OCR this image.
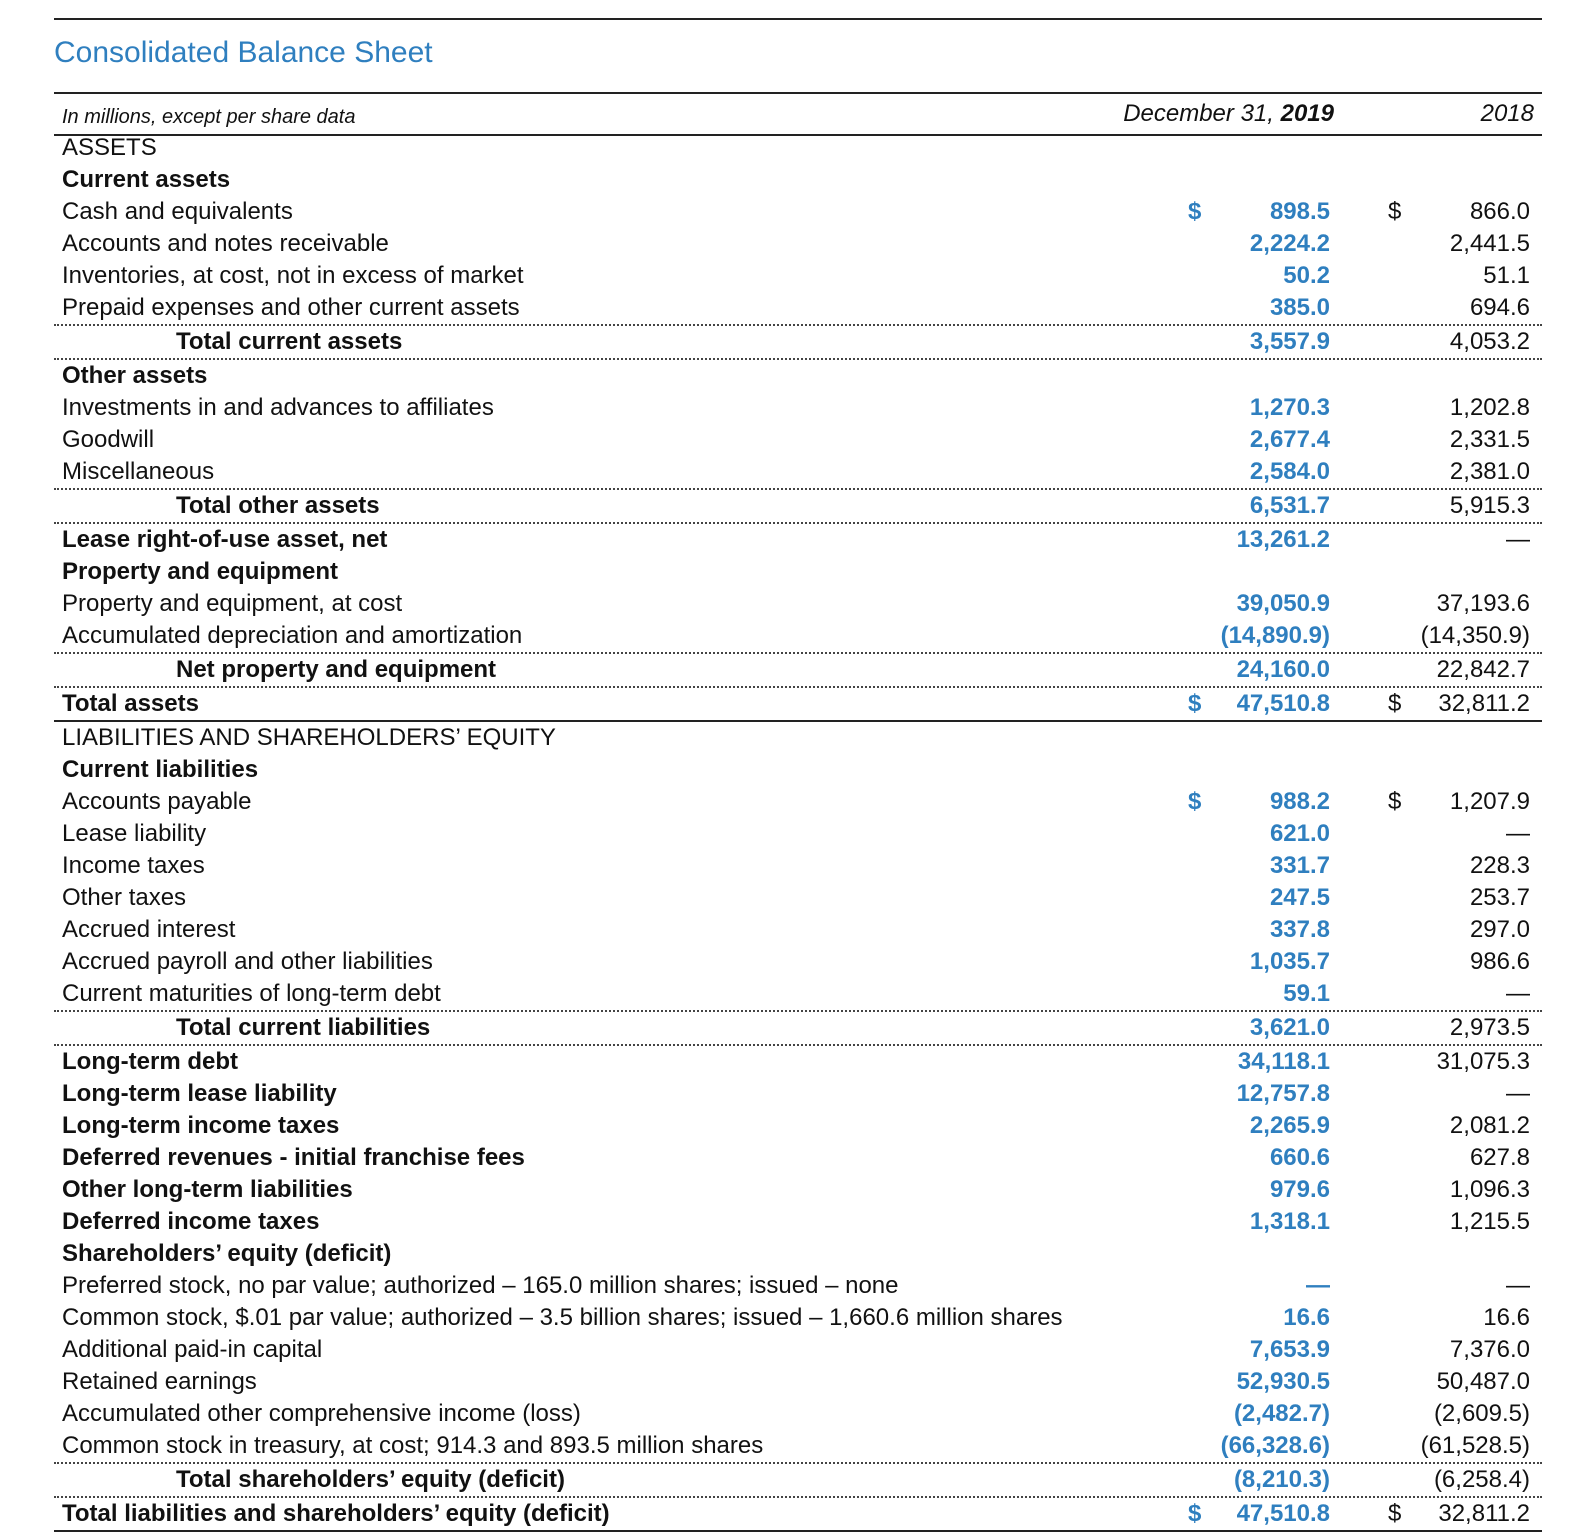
Consolidated Balance Sheet
In millions, except per share data	December 31, 2019	2018
ASSETS
Current assets
Cash and equivalents	$	898.5 $	866.0
Accounts and notes receivable	2,224.2	2,441.5
Inventories, at cost, not in excess of market	50.2	51.1
Prepaid expenses and other current assets	385.0	694.6
Total current assets	3,557.9	4,053.2
Other assets
Investments in and advances to affiliates	1,270.3	1,202.8
Goodwill	2,677.4	2,331.5
Miscellaneous	2,584.0	2,381.0
Total other assets	6,531.7	5,915.3
Lease right-of-use asset, net	13,261.2	—
Property and equipment
Property and equipment, at cost	39,050.9	37,193.6
Accumulated depreciation and amortization	(14,890.9)	(14,350.9)
Net property and equipment	24,160.0	22,842.7
Total assets	$ 47,510.8 $ 32,811.2
LIABILITIES AND SHAREHOLDERS’ EQUITY
Current liabilities
Accounts payable	$	988.2 $ 1,207.9
Lease liability	621.0	—
Income taxes	331.7	228.3
Other taxes	247.5	253.7
Accrued interest	337.8	297.0
Accrued payroll and other liabilities	1,035.7	986.6
Current maturities of long-term debt	59.1	—
Total current liabilities	3,621.0	2,973.5
Long-term debt	34,118.1	31,075.3
Long-term lease liability	12,757.8	—
Long-term income taxes	2,265.9	2,081.2
Deferred revenues - initial franchise fees	660.6	627.8
Other long-term liabilities	979.6	1,096.3
Deferred income taxes	1,318.1	1,215.5
Shareholders’ equity (deficit)
Preferred stock, no par value; authorized – 165.0 million shares; issued – none	—	—
Common stock, $.01 par value; authorized – 3.5 billion shares; issued – 1,660.6 million shares	16.6	16.6
Additional paid-in capital	7,653.9	7,376.0
Retained earnings	52,930.5	50,487.0
Accumulated other comprehensive income (loss)	(2,482.7)	(2,609.5)
Common stock in treasury, at cost; 914.3 and 893.5 million shares	(66,328.6)	(61,528.5)
Total shareholders’ equity (deficit)	(8,210.3)	(6,258.4)
Total liabilities and shareholders’ equity (deficit)	$ 47,510.8 $ 32,811.2
